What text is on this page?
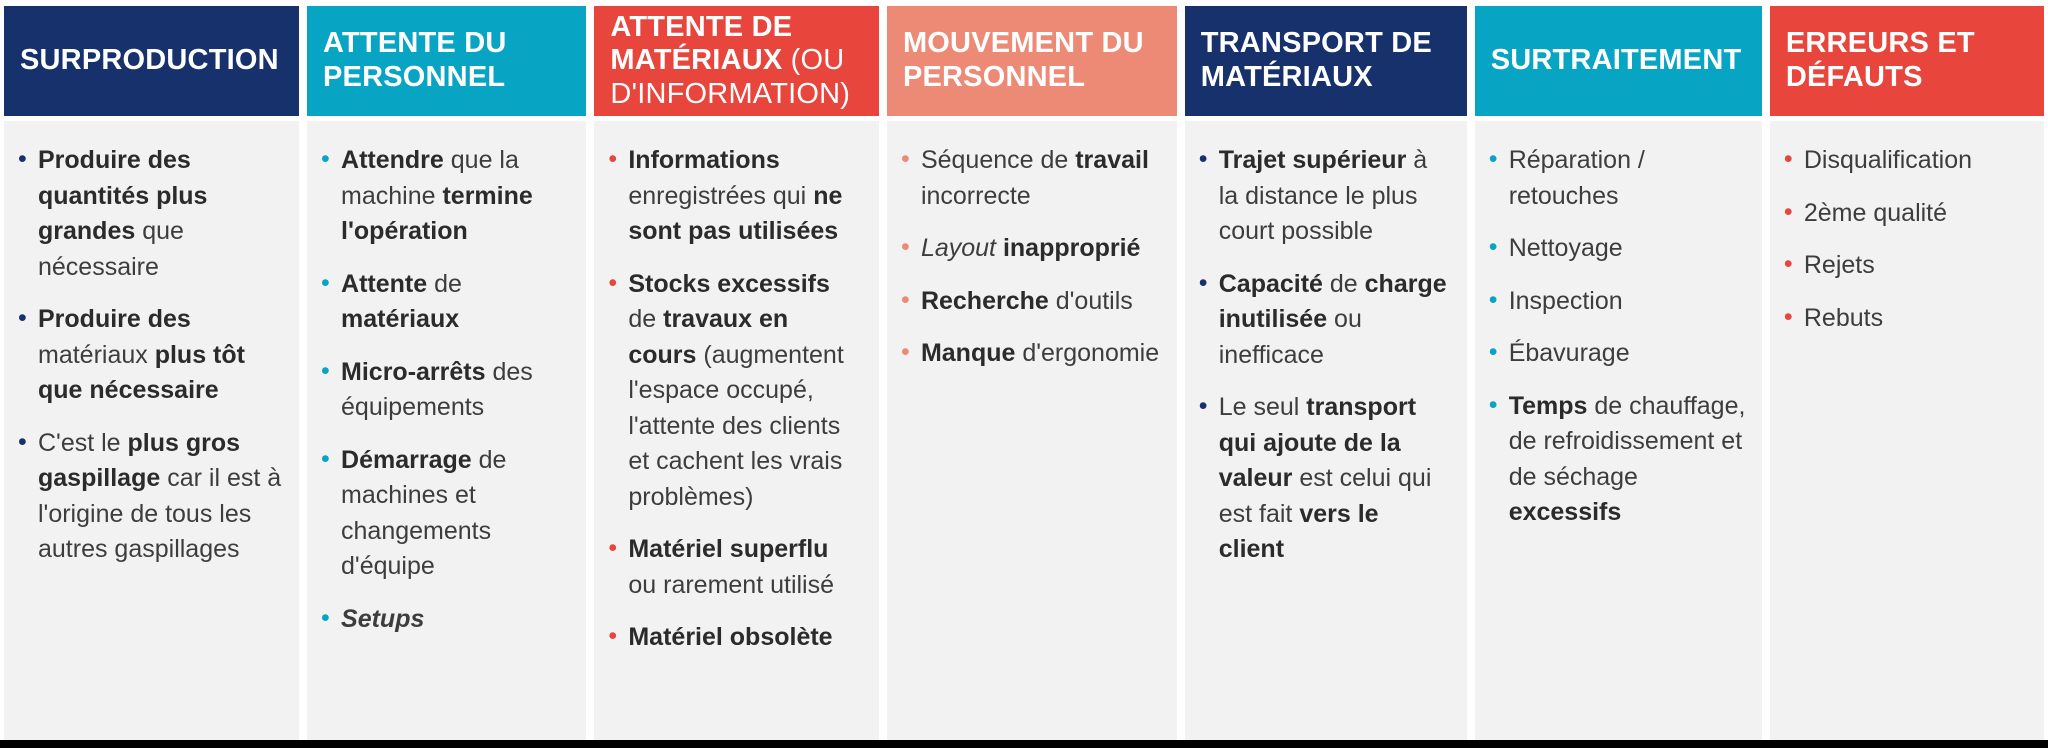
SURPRODUCTION
• Produire des quantités plus grandes que nécessaire
• Produire des matériaux plus tôt que nécessaire
• C'est le plus gros gaspillage car il est à l'origine de tous les autres gaspillages
ATTENTE DU PERSONNEL
• Attendre que la machine termine l'opération
• Attente de matériaux
• Micro-arrêts des équipements
• Démarrage de machines et changements d'équipe
• Setups
ATTENTE DE MATÉRIAUX (OU D'INFORMATION)
• Informations enregistrées qui ne sont pas utilisées
• Stocks excessifs de travaux en cours (augmentent l'espace occupé, l'attente des clients et cachent les vrais problèmes)
• Matériel superflu ou rarement utilisé
• Matériel obsolète
MOUVEMENT DU PERSONNEL
• Séquence de travail incorrecte
• Layout inapproprié
• Recherche d'outils
• Manque d'ergonomie
TRANSPORT DE MATÉRIAUX
• Trajet supérieur à la distance le plus court possible
• Capacité de charge inutilisée ou inefficace
• Le seul transport qui ajoute de la valeur est celui qui est fait vers le client
SURTRAITEMENT
• Réparation / retouches
• Nettoyage
• Inspection
• Ébavurage
• Temps de chauffage, de refroidissement et de séchage excessifs
ERREURS ET DÉFAUTS
• Disqualification
• 2ème qualité
• Rejets
• Rebuts
